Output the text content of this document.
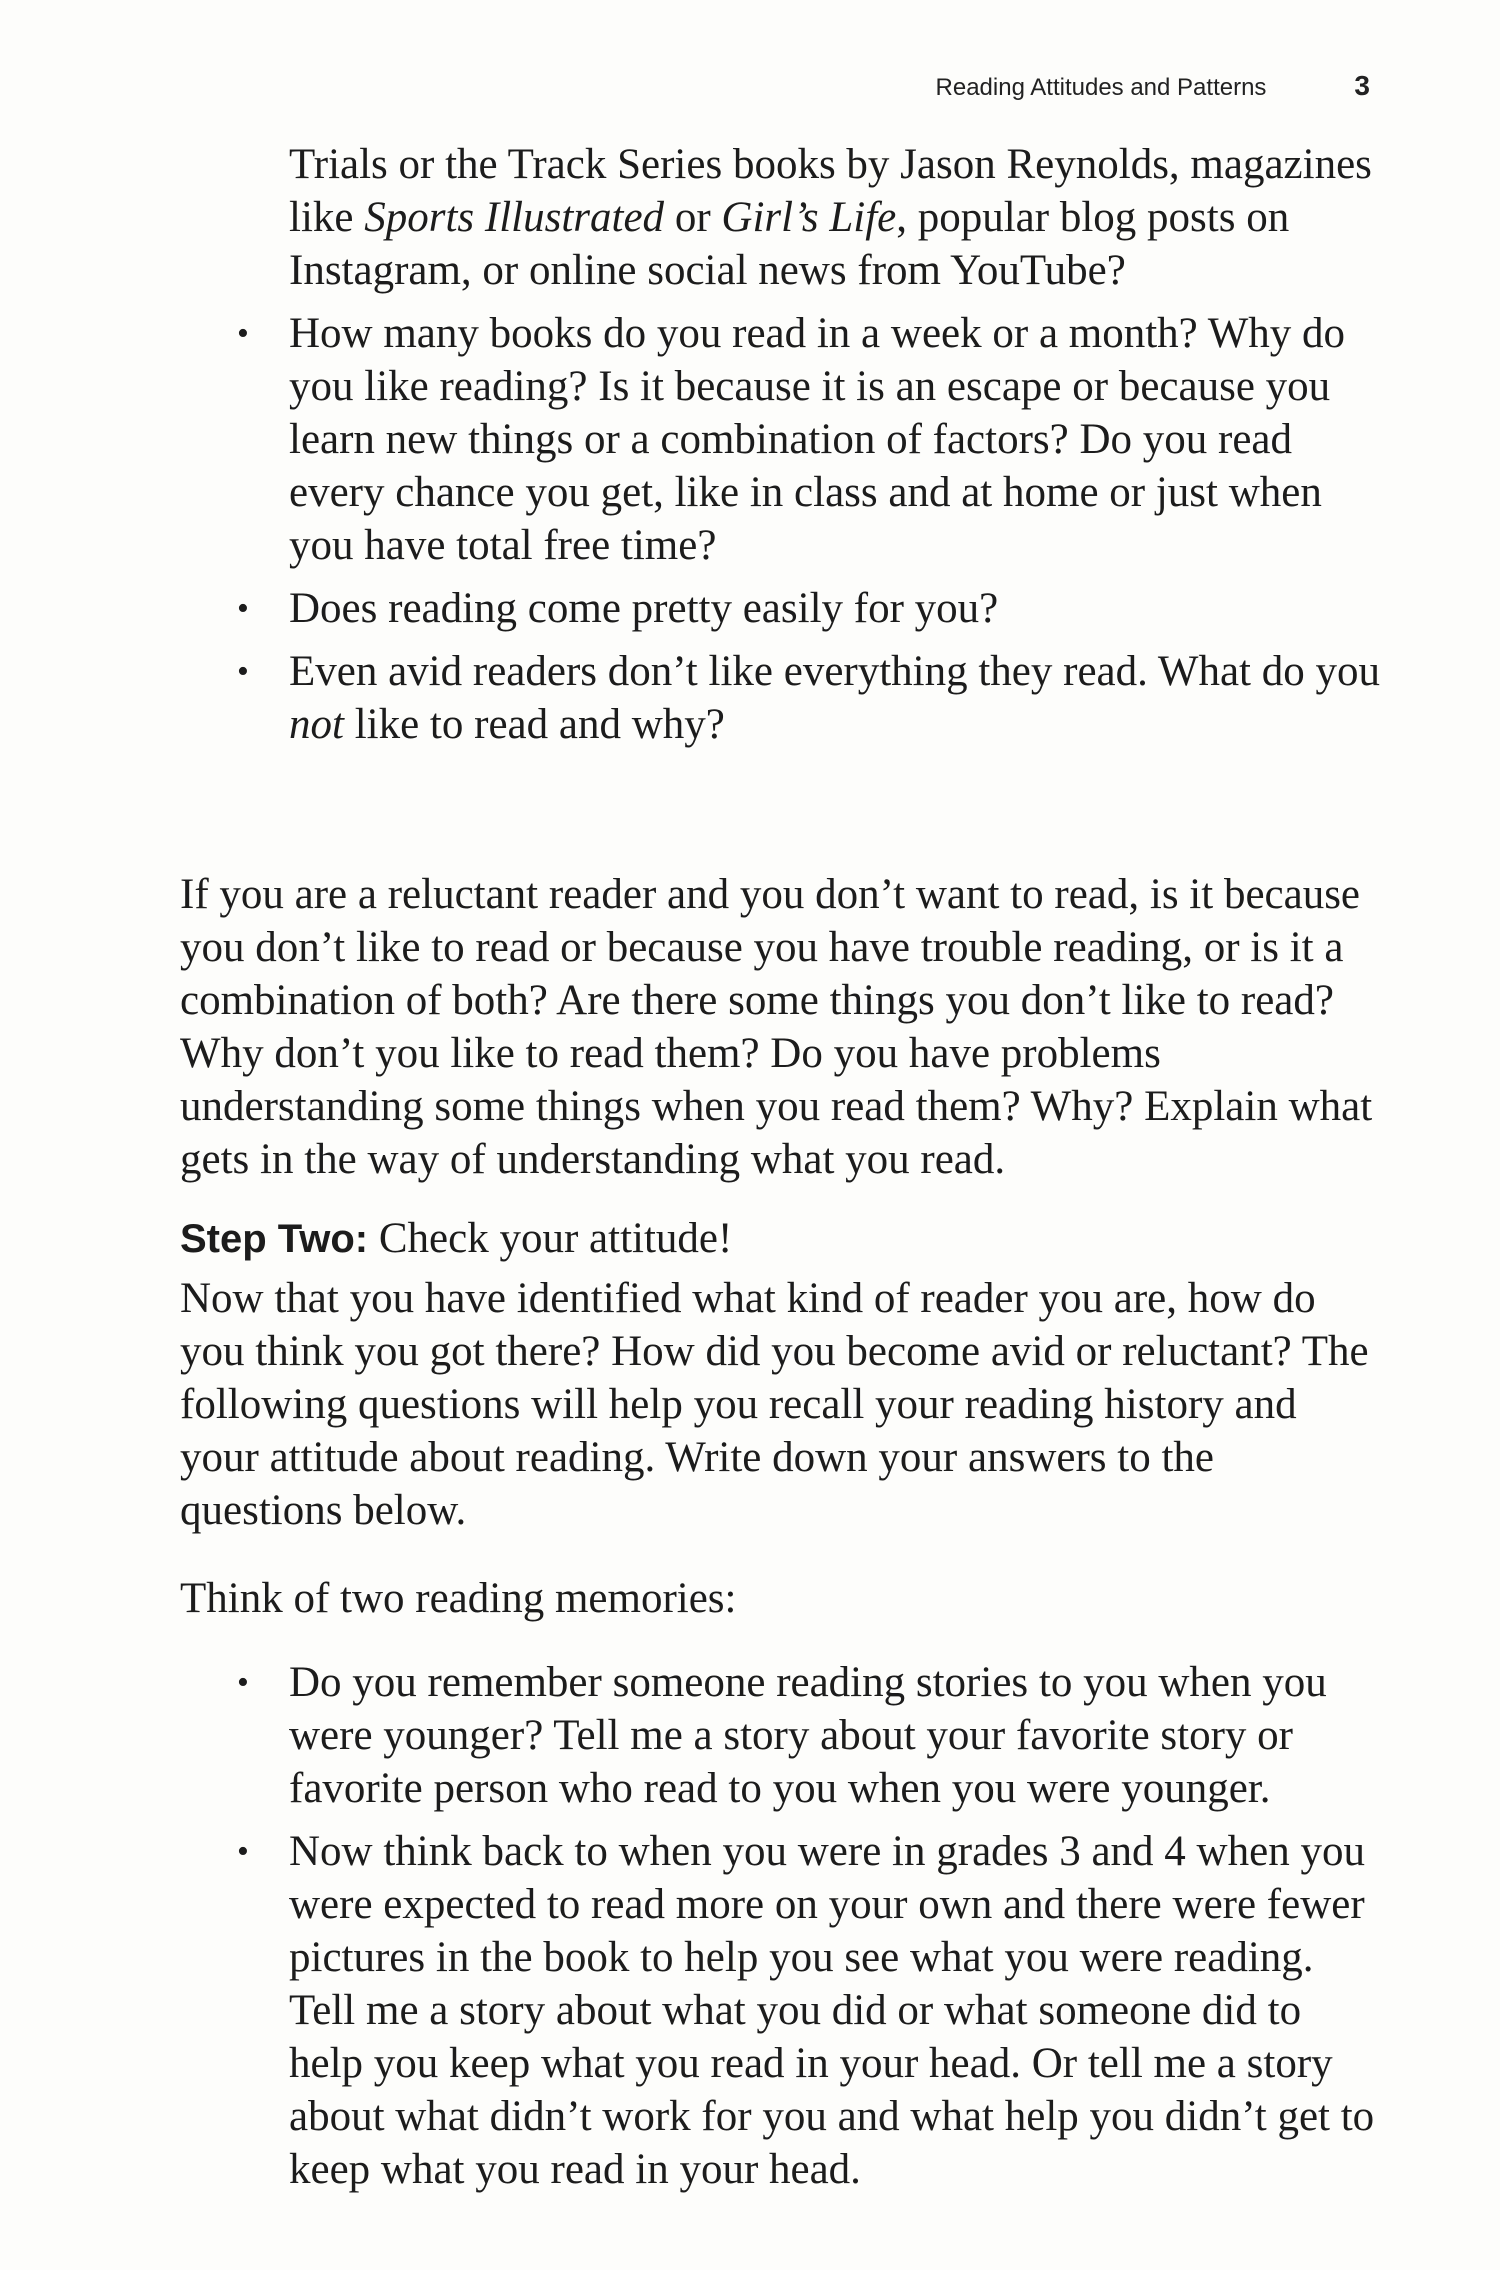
Reading Attitudes and Patterns	3

Trials or the Track Series books by Jason Reynolds, magazines like Sports Illustrated or Girl’s Life, popular blog posts on Instagram, or online social news from YouTube?

• How many books do you read in a week or a month? Why do you like reading? Is it because it is an escape or because you learn new things or a combination of factors? Do you read every chance you get, like in class and at home or just when you have total free time?

• Does reading come pretty easily for you?

• Even avid readers don’t like everything they read. What do you not like to read and why?

If you are a reluctant reader and you don’t want to read, is it because you don’t like to read or because you have trouble reading, or is it a combination of both? Are there some things you don’t like to read? Why don’t you like to read them? Do you have problems understanding some things when you read them? Why? Explain what gets in the way of understanding what you read.

Step Two: Check your attitude!

Now that you have identified what kind of reader you are, how do you think you got there? How did you become avid or reluctant? The following questions will help you recall your reading history and your attitude about reading. Write down your answers to the questions below.

Think of two reading memories:

• Do you remember someone reading stories to you when you were younger? Tell me a story about your favorite story or favorite person who read to you when you were younger.

• Now think back to when you were in grades 3 and 4 when you were expected to read more on your own and there were fewer pictures in the book to help you see what you were reading. Tell me a story about what you did or what someone did to help you keep what you read in your head. Or tell me a story about what didn’t work for you and what help you didn’t get to keep what you read in your head.
